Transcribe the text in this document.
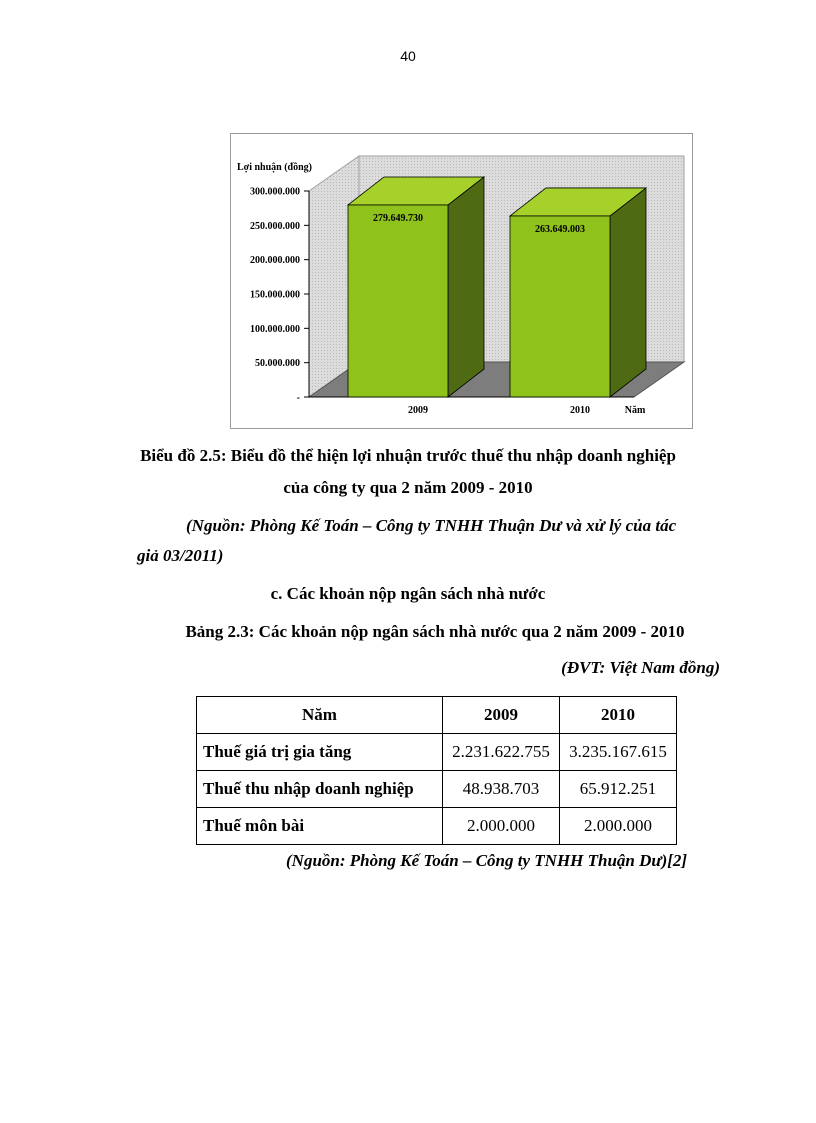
40
-
50.000.000
100.000.000
150.000.000
200.000.000
250.000.000
300.000.000
279.649.730
2009
263.649.003
2010
Lợi nhuận (đồng)
Năm
Biểu đồ 2.5: Biểu đồ thể hiện lợi nhuận trước thuế thu nhập doanh nghiệp
của công ty qua 2 năm 2009 - 2010
(Nguồn: Phòng Kế Toán – Công ty TNHH Thuận Dư và xử lý của tác
giả 03/2011)
c. Các khoản nộp ngân sách nhà nước
Bảng 2.3: Các khoản nộp ngân sách nhà nước qua 2 năm 2009 - 2010
(ĐVT: Việt Nam đồng)
Năm	2009	2010
Thuế giá trị gia tăng	2.231.622.755	3.235.167.615
Thuế thu nhập doanh nghiệp	48.938.703	65.912.251
Thuế môn bài	2.000.000	2.000.000
(Nguồn: Phòng Kế Toán – Công ty TNHH Thuận Dư)[2]
